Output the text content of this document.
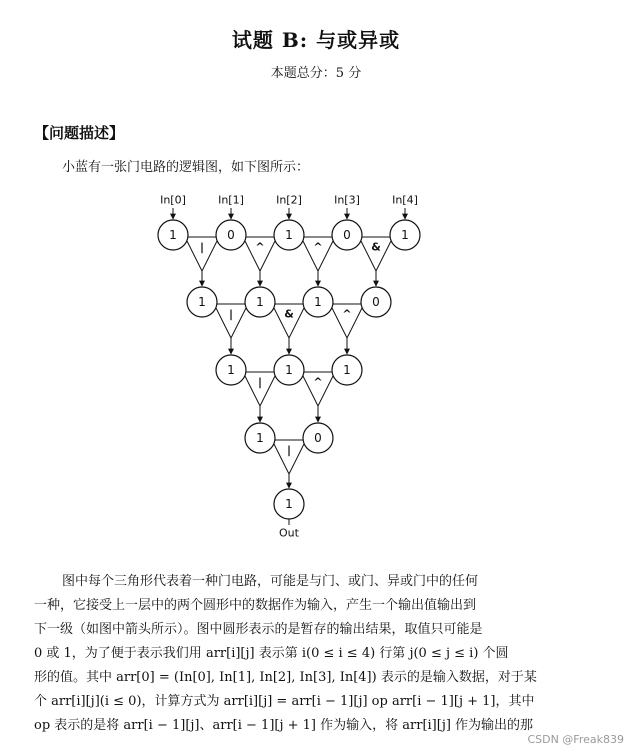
试题 B: 与或异或
本题总分：5 分
【问题描述】
小蓝有一张门电路的逻辑图，如下图所示：
In[0]	In[1]	In[2]	In[3]	In[4]
|	^	^	&
|	&	^
|	^
|
1	0	1	0	1
1	1	1	0
1	1	1
1	0
1
Out

图中每个三角形代表着一种门电路，可能是与门、或门、异或门中的任何

一种，它接受上一层中的两个圆形中的数据作为输入，产生一个输出值输出到

下一级（如图中箭头所示）。图中圆形表示的是暂存的输出结果，取值只可能是

0 或 1，为了便于表示我们用 arr[i][j] 表示第 i(0 ≤ i ≤ 4) 行第 j(0 ≤ j ≤ i) 个圆

形的值。其中 arr[0] = (In[0], In[1], In[2], In[3], In[4]) 表示的是输入数据，对于某

个 arr[i][j](i ≤ 0)，计算方式为 arr[i][j] = arr[i − 1][j] op arr[i − 1][j + 1]，其中

op 表示的是将 arr[i − 1][j]、arr[i − 1][j + 1] 作为输入，将 arr[i][j] 作为输出的那

CSDN @Freak839
